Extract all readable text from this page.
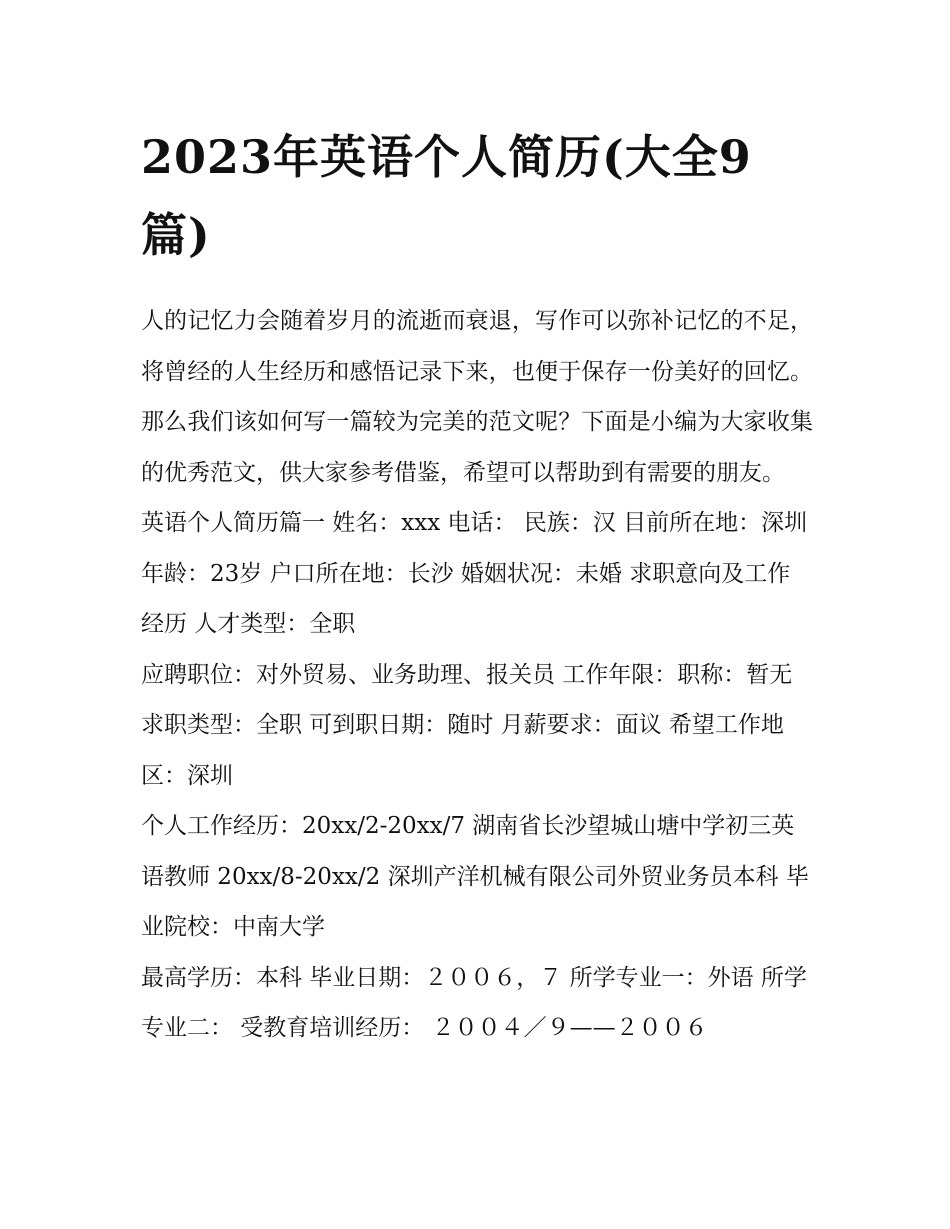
2023年英语个人简历(大全9篇)

人的记忆力会随着岁月的流逝而衰退，写作可以弥补记忆的不足，将曾经的人生经历和感悟记录下来，也便于保存一份美好的回忆。那么我们该如何写一篇较为完美的范文呢？下面是小编为大家收集的优秀范文，供大家参考借鉴，希望可以帮助到有需要的朋友。

英语个人简历篇一 姓名：xxx 电话： 民族：汉 目前所在地：深圳 年龄：23岁 户口所在地：长沙 婚姻状况：未婚 求职意向及工作经历 人才类型：全职

应聘职位：对外贸易、业务助理、报关员 工作年限：职称：暂无 求职类型：全职 可到职日期：随时 月薪要求：面议 希望工作地区：深圳

个人工作经历：20xx/2-20xx/7 湖南省长沙望城山塘中学初三英语教师 20xx/8-20xx/2 深圳产洋机械有限公司外贸业务员本科 毕业院校：中南大学

最高学历：本科 毕业日期：２００６，７ 所学专业一：外语 所学专业二： 受教育培训经历： ２００４／９——２００６
